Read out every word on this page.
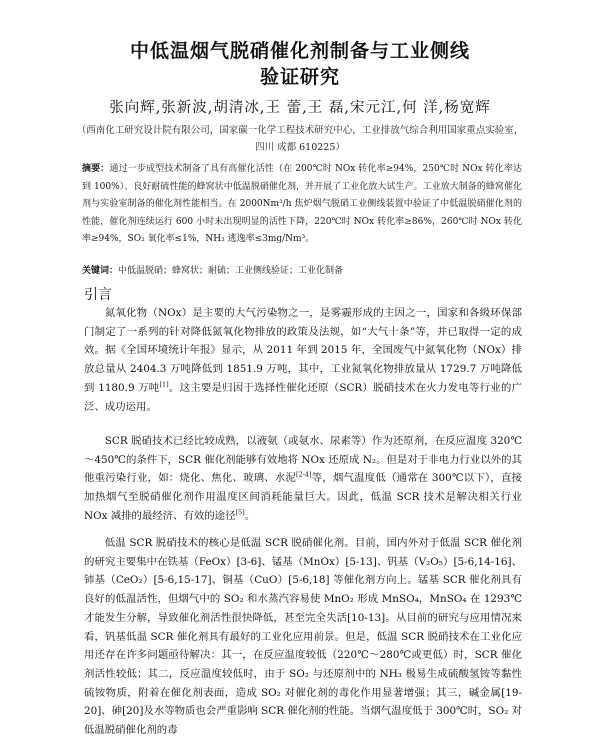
中低温烟气脱硝催化剂制备与工业侧线
验证研究
张向辉,张新波,胡清冰,王 蕾,王 磊,宋元江,何 洋,杨宽辉
（西南化工研究设计院有限公司，国家碳一化学工程技术研究中心，工业排放气综合利用国家重点实验室，
四川 成都 610225）

摘要：通过一步成型技术制备了具有高催化活性（在 200℃时 NOx 转化率≥94%，250℃时 NOx 转化率达到 100%）、良好耐硫性能的蜂窝状中低温脱硝催化剂，并开展了工业化放大试生产。工业放大制备的蜂窝催化剂与实验室制备的催化剂性能相当。在 2000Nm³/h 焦炉烟气脱硝工业侧线装置中验证了中低温脱硝催化剂的性能，催化剂连续运行 600 小时未出现明显的活性下降，220℃时 NOx 转化率≥86%，260℃时 NOx 转化率≥94%，SO₂ 氧化率≤1%，NH₃ 逃逸率≤3mg/Nm³。

关键词：中低温脱硝；蜂窝状；耐硫；工业侧线验证；工业化制备

引言

氮氧化物（NOx）是主要的大气污染物之一，是雾霾形成的主因之一，国家和各级环保部门制定了一系列的针对降低氮氧化物排放的政策及法规，如“大气十条”等，并已取得一定的成效。据《全国环境统计年报》显示，从 2011 年到 2015 年，全国废气中氮氧化物（NOx）排放总量从 2404.3 万吨降低到 1851.9 万吨，其中，工业氮氧化物排放量从 1729.7 万吨降低到 1180.9 万吨[1]。这主要是归因于选择性催化还原（SCR）脱硝技术在火力发电等行业的广泛、成功运用。

SCR 脱硝技术已经比较成熟，以液氨（或氨水、尿素等）作为还原剂，在反应温度 320℃～450℃的条件下，SCR 催化剂能够有效地将 NOx 还原成 N₂。但是对于非电力行业以外的其他重污染行业，如：烧化、焦化、玻璃、水泥[2-4]等，烟气温度低（通常在 300℃以下），直接加热烟气至脱硝催化剂作用温度区间消耗能量巨大。因此，低温 SCR 技术是解决相关行业 NOx 减排的最经济、有效的途径[5]。

低温 SCR 脱硝技术的核心是低温 SCR 脱硝催化剂。目前，国内外对于低温 SCR 催化剂的研究主要集中在铁基（FeOx）[3-6]、锰基（MnOx）[5-13]、钒基（V₂O₅）[5-6,14-16]、铈基（CeO₂）[5-6,15-17]、铜基（CuO）[5-6,18] 等催化剂方向上。锰基 SCR 催化剂具有良好的低温活性，但烟气中的 SO₂ 和水蒸汽容易使 MnO₂ 形成 MnSO₄，MnSO₄ 在 1293℃才能发生分解，导致催化剂活性很快降低，甚至完全失活[10-13]。从目前的研究与应用情况来看，钒基低温 SCR 催化剂具有最好的工业化应用前景。但是，低温 SCR 脱硝技术在工业化应用还存在许多问题亟待解决：其一，在反应温度较低（220℃～280℃或更低）时，SCR 催化剂活性较低；其二，反应温度较低时，由于 SO₂ 与还原剂中的 NH₃ 极易生成硫酸氢铵等黏性硫铵物质，附着在催化剂表面，造成 SO₂ 对催化剂的毒化作用显著增强；其三，碱金属[19-20]、砷[20]及水等物质也会严重影响 SCR 催化剂的性能。当烟气温度低于 300℃时，SO₂ 对低温脱硝催化剂的毒
